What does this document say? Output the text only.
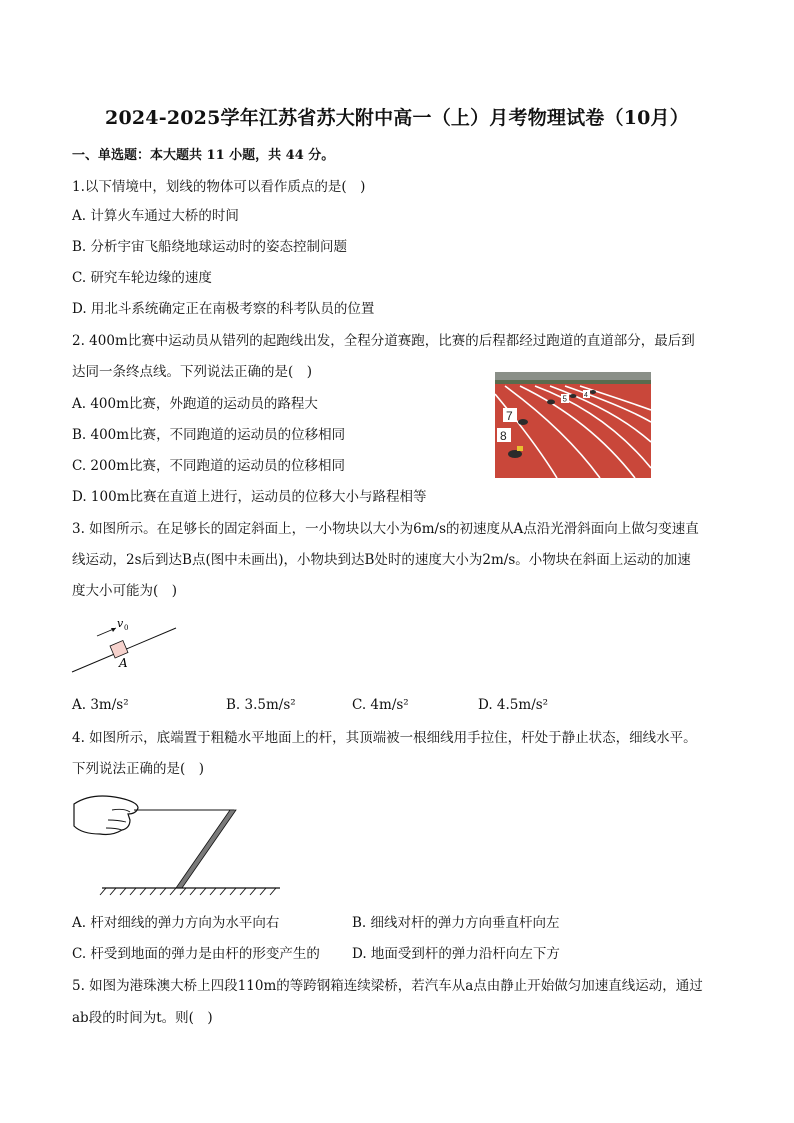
2024-2025学年江苏省苏大附中高一（上）月考物理试卷（10月）
一、单选题：本大题共 11 小题，共 44 分。
1.以下情境中，划线的物体可以看作质点的是(　)
A. 计算火车通过大桥的时间
B. 分析宇宙飞船绕地球运动时的姿态控制问题
C. 研究车轮边缘的速度
D. 用北斗系统确定正在南极考察的科考队员的位置
2. 400m比赛中运动员从错列的起跑线出发，全程分道赛跑，比赛的后程都经过跑道的直道部分，最后到
达同一条终点线。下列说法正确的是(　)
A. 400m比赛，外跑道的运动员的路程大
B. 400m比赛，不同跑道的运动员的位移相同
C. 200m比赛，不同跑道的运动员的位移相同
D. 100m比赛在直道上进行，运动员的位移大小与路程相等
7
8
5 4
3. 如图所示。在足够长的固定斜面上，一小物块以大小为6m/s的初速度从A点沿光滑斜面向上做匀变速直
线运动，2s后到达B点(图中未画出)，小物块到达B处时的速度大小为2m/s。小物块在斜面上运动的加速
度大小可能为(　)
v 0
A
A. 3m/s²	B. 3.5m/s²	C. 4m/s²	D. 4.5m/s²
4. 如图所示，底端置于粗糙水平地面上的杆，其顶端被一根细线用手拉住，杆处于静止状态，细线水平。
下列说法正确的是(　)
A. 杆对细线的弹力方向为水平向右	B. 细线对杆的弹力方向垂直杆向左
C. 杆受到地面的弹力是由杆的形变产生的 D. 地面受到杆的弹力沿杆向左下方
5. 如图为港珠澳大桥上四段110m的等跨钢箱连续梁桥，若汽车从a点由静止开始做匀加速直线运动，通过
ab段的时间为t。则(　)
